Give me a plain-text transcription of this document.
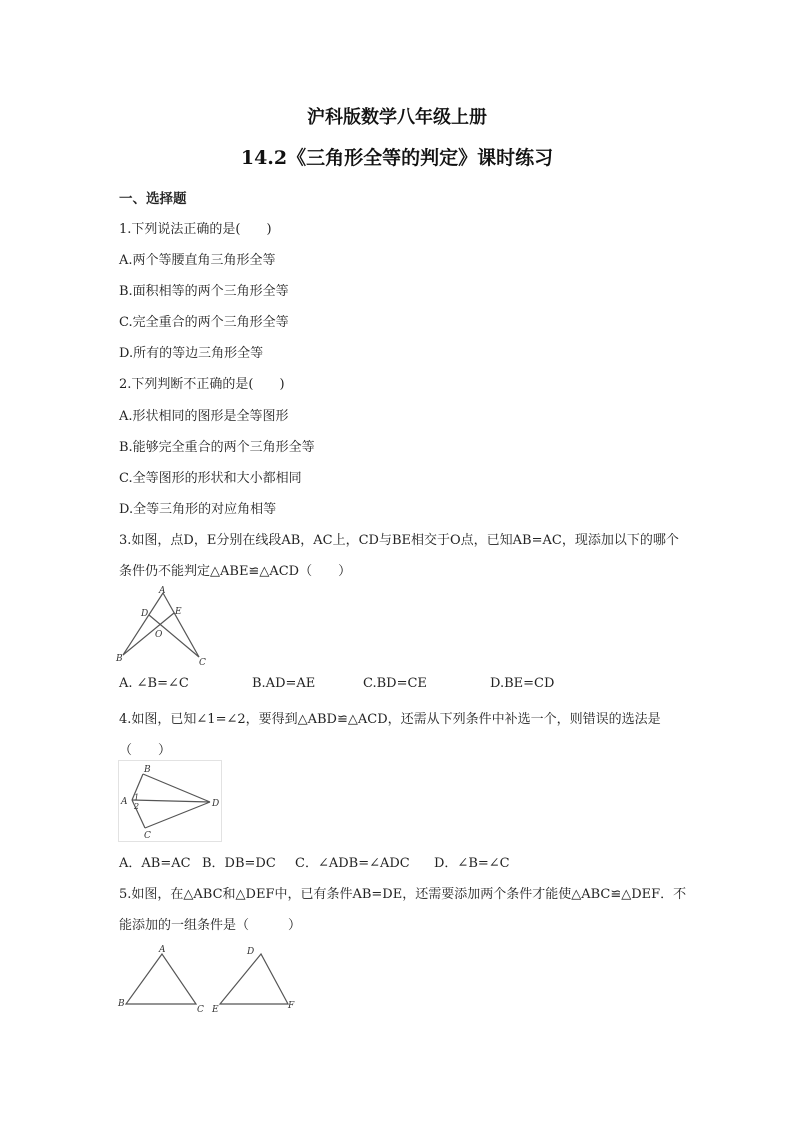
沪科版数学八年级上册
14.2《三角形全等的判定》课时练习
一、选择题
1.下列说法正确的是(　　)
A.两个等腰直角三角形全等
B.面积相等的两个三角形全等
C.完全重合的两个三角形全等
D.所有的等边三角形全等
2.下列判断不正确的是(　　)
A.形状相同的图形是全等图形
B.能够完全重合的两个三角形全等
C.全等图形的形状和大小都相同
D.全等三角形的对应角相等
3.如图，点D，E分别在线段AB，AC上，CD与BE相交于O点，已知AB=AC，现添加以下的哪个
条件仍不能判定△ABE≌△ACD（　　）
A
D	E
O
B	C
A. ∠B=∠C	B.AD=AE	C.BD=CE	D.BE=CD
4.如图，已知∠1=∠2，要得到△ABD≌△ACD，还需从下列条件中补选一个，则错误的选法是
（　　）
B
A 1
2	D
C
A．AB=AC B．DB=DC C．∠ADB=∠ADC D．∠B=∠C
5.如图，在△ABC和△DEF中，已有条件AB=DE，还需要添加两个条件才能使△ABC≌△DEF．不
能添加的一组条件是（　　　）
A
B
C
D
E	F
